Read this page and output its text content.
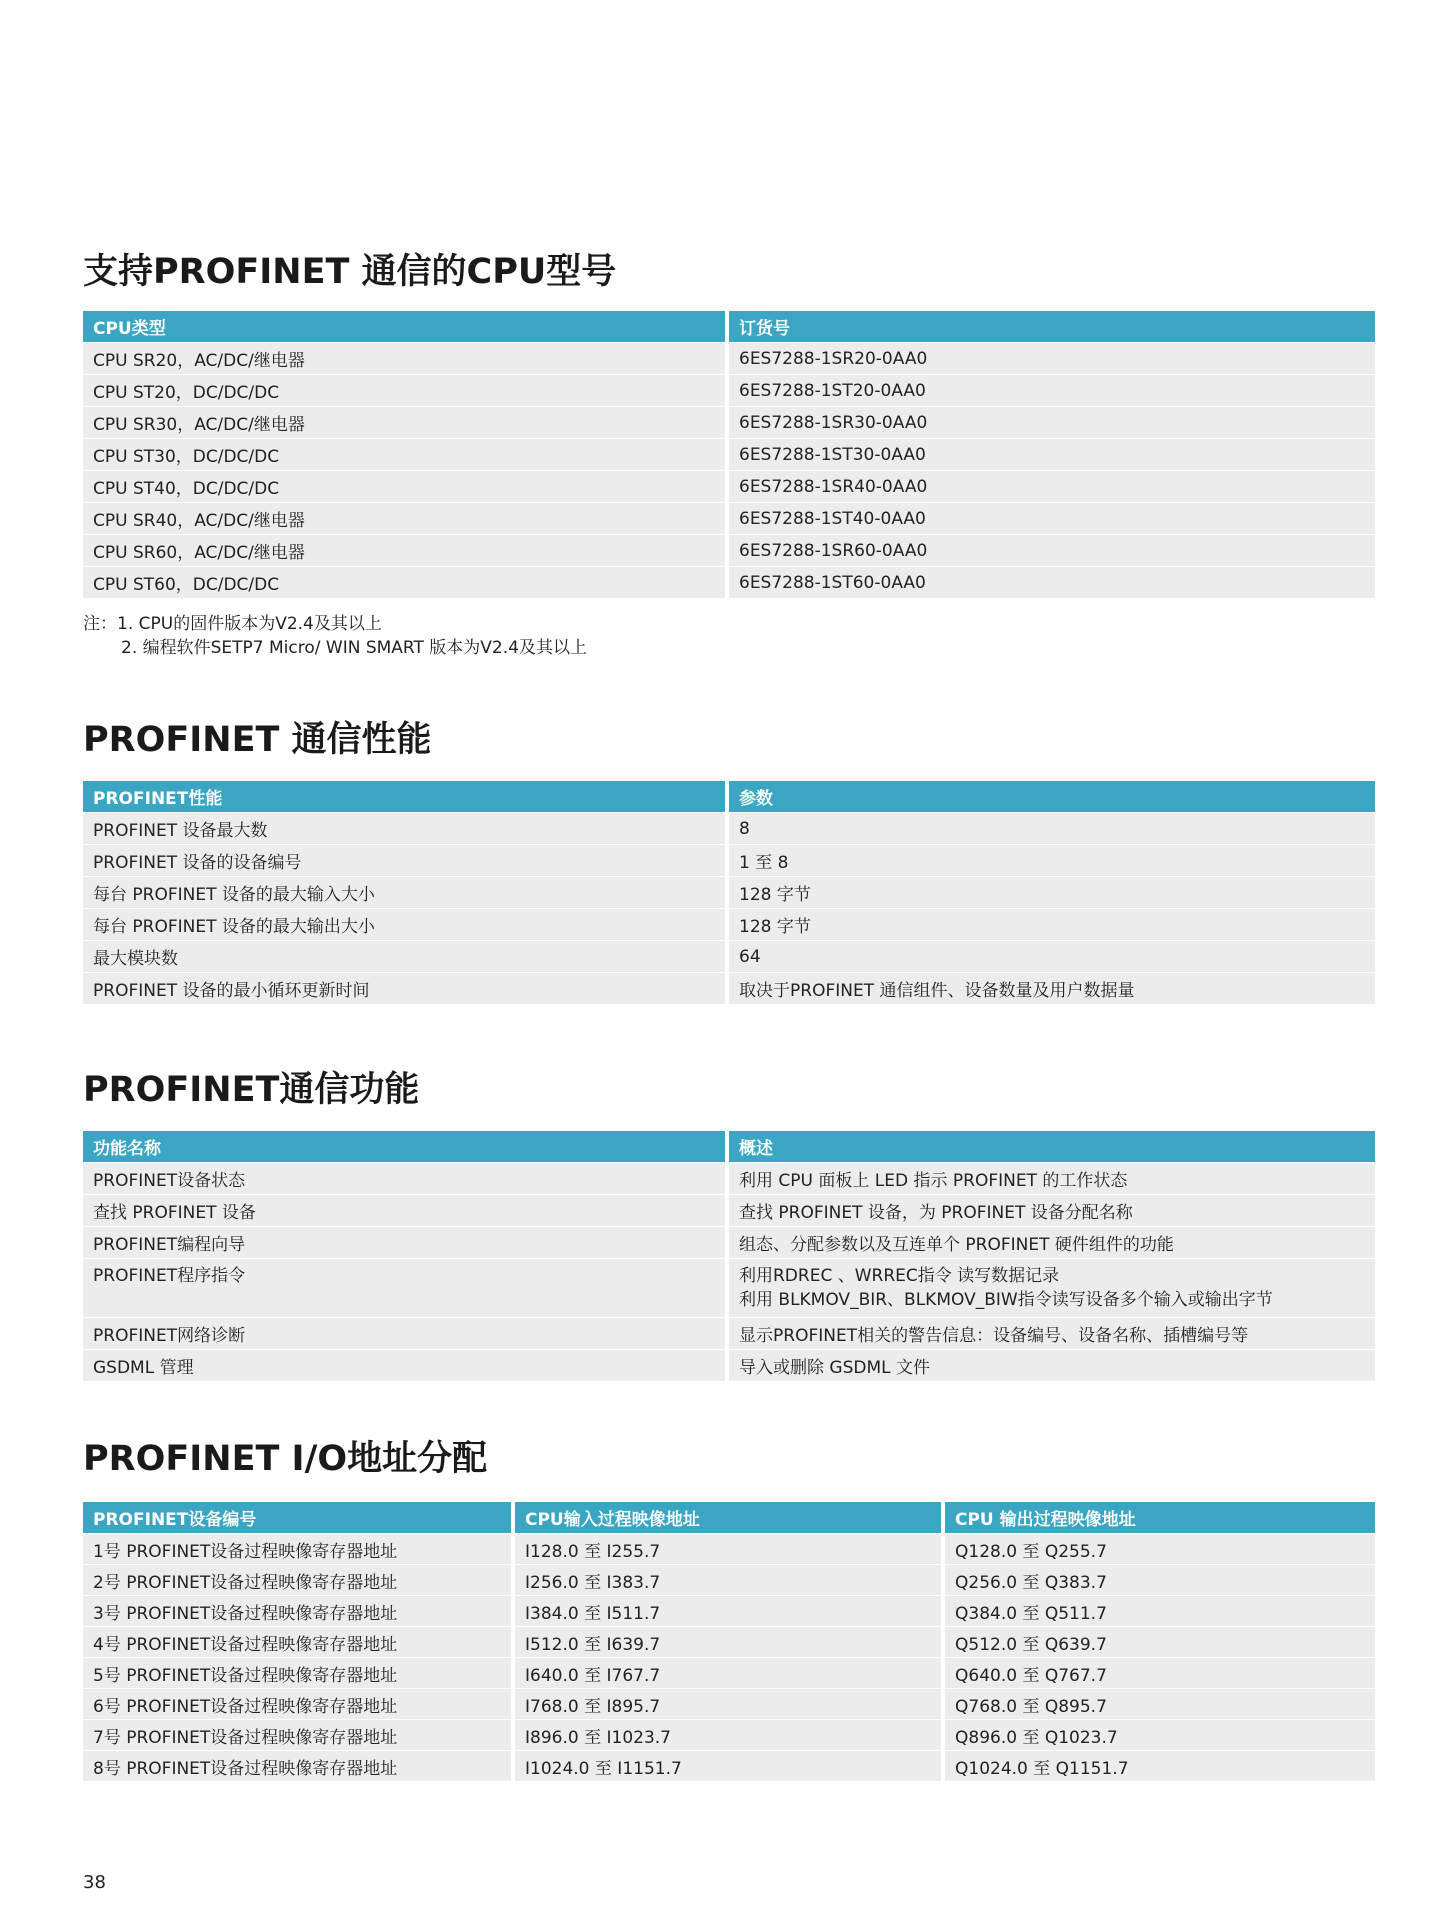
支持PROFINET 通信的CPU型号
CPU类型	订货号
CPU SR20，AC/DC/继电器	6ES7288-1SR20-0AA0
CPU ST20，DC/DC/DC	6ES7288-1ST20-0AA0
CPU SR30，AC/DC/继电器	6ES7288-1SR30-0AA0
CPU ST30，DC/DC/DC	6ES7288-1ST30-0AA0
CPU ST40，DC/DC/DC	6ES7288-1SR40-0AA0
CPU SR40，AC/DC/继电器	6ES7288-1ST40-0AA0
CPU SR60，AC/DC/继电器	6ES7288-1SR60-0AA0
CPU ST60，DC/DC/DC	6ES7288-1ST60-0AA0
注：1. CPU的固件版本为V2.4及其以上
2. 编程软件SETP7 Micro/ WIN SMART 版本为V2.4及其以上
PROFINET 通信性能
PROFINET性能	参数
PROFINET 设备最大数	8
PROFINET 设备的设备编号	1 至 8
每台 PROFINET 设备的最大输入大小	128 字节
每台 PROFINET 设备的最大输出大小	128 字节
最大模块数	64
PROFINET 设备的最小循环更新时间	取决于PROFINET 通信组件、设备数量及用户数据量
PROFINET通信功能
功能名称	概述
PROFINET设备状态	利用 CPU 面板上 LED 指示 PROFINET 的工作状态
查找 PROFINET 设备	查找 PROFINET 设备，为 PROFINET 设备分配名称
PROFINET编程向导	组态、分配参数以及互连单个 PROFINET 硬件组件的功能
PROFINET程序指令	利用RDREC 、WRREC指令 读写数据记录
利用 BLKMOV_BIR、BLKMOV_BIW指令读写设备多个输入或输出字节

PROFINET网络诊断	显示PROFINET相关的警告信息：设备编号、设备名称、插槽编号等
GSDML 管理	导入或删除 GSDML 文件
PROFINET I/O地址分配
PROFINET设备编号	CPU输入过程映像地址	CPU 输出过程映像地址
1号 PROFINET设备过程映像寄存器地址	I128.0 至 I255.7	Q128.0 至 Q255.7
2号 PROFINET设备过程映像寄存器地址	I256.0 至 I383.7	Q256.0 至 Q383.7
3号 PROFINET设备过程映像寄存器地址	I384.0 至 I511.7	Q384.0 至 Q511.7
4号 PROFINET设备过程映像寄存器地址	I512.0 至 I639.7	Q512.0 至 Q639.7
5号 PROFINET设备过程映像寄存器地址	I640.0 至 I767.7	Q640.0 至 Q767.7
6号 PROFINET设备过程映像寄存器地址	I768.0 至 I895.7	Q768.0 至 Q895.7
7号 PROFINET设备过程映像寄存器地址	I896.0 至 I1023.7	Q896.0 至 Q1023.7
8号 PROFINET设备过程映像寄存器地址	I1024.0 至 I1151.7	Q1024.0 至 Q1151.7
38
